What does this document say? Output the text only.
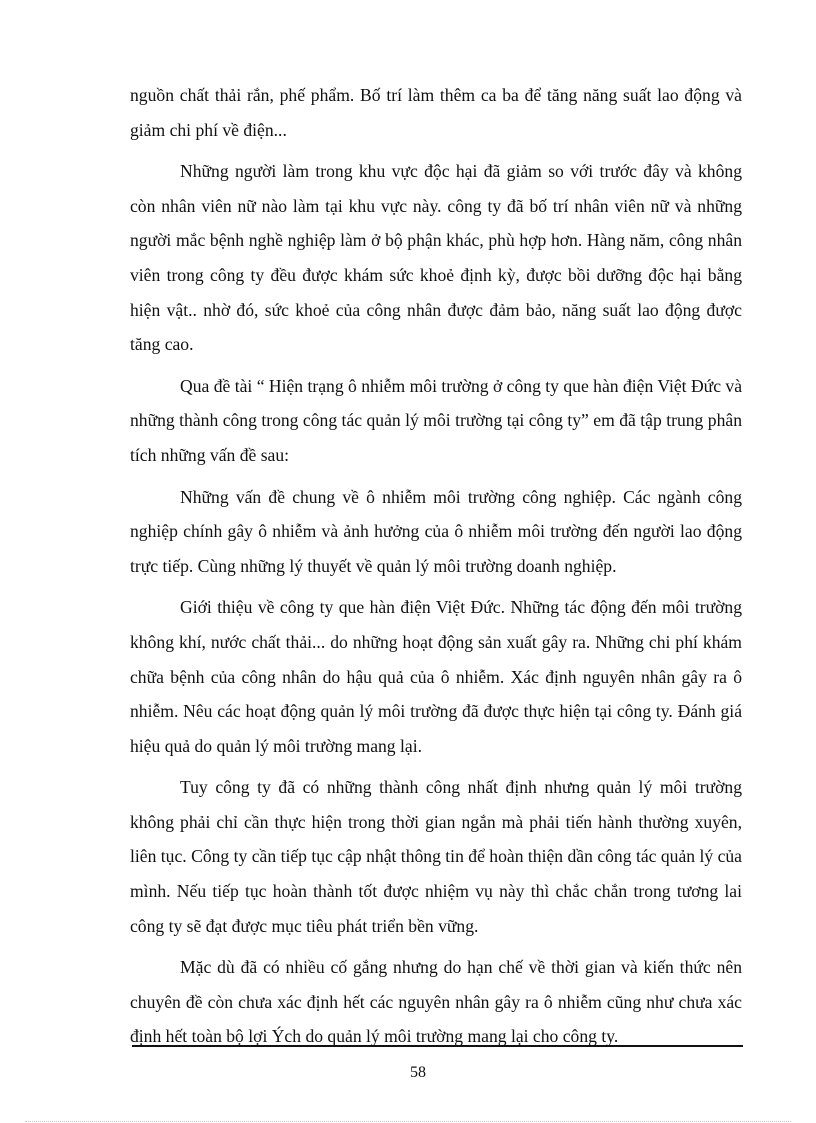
nguồn chất thải rắn, phế phẩm. Bố trí làm thêm ca ba để tăng năng suất lao động và giảm chi phí về điện...

Những người làm trong khu vực độc hại đã giảm so với trước đây và không còn nhân viên nữ nào làm tại khu vực này. công ty đã bố trí nhân viên nữ và những người mắc bệnh nghề nghiệp làm ở bộ phận khác, phù hợp hơn. Hàng năm, công nhân viên trong công ty đều được khám sức khoẻ định kỳ, được bồi dưỡng độc hại bằng hiện vật.. nhờ đó, sức khoẻ của công nhân được đảm bảo, năng suất lao động được tăng cao.

Qua đề tài “ Hiện trạng ô nhiễm môi trường ở công ty que hàn điện Việt Đức và những thành công trong công tác quản lý môi trường tại công ty” em đã tập trung phân tích những vấn đề sau:

Những vấn đề chung về ô nhiễm môi trường công nghiệp. Các ngành công nghiệp chính gây ô nhiễm và ảnh hưởng của ô nhiễm môi trường đến người lao động trực tiếp. Cùng những lý thuyết về quản lý môi trường doanh nghiệp.

Giới thiệu về công ty que hàn điện Việt Đức. Những tác động đến môi trường không khí, nước chất thải... do những hoạt động sản xuất gây ra. Những chi phí khám chữa bệnh của công nhân do hậu quả của ô nhiễm. Xác định nguyên nhân gây ra ô nhiễm. Nêu các hoạt động quản lý môi trường đã được thực hiện tại công ty. Đánh giá hiệu quả do quản lý môi trường mang lại.

Tuy công ty đã có những thành công nhất định nhưng quản lý môi trường không phải chỉ cần thực hiện trong thời gian ngắn mà phải tiến hành thường xuyên, liên tục. Công ty cần tiếp tục cập nhật thông tin để hoàn thiện dần công tác quản lý của mình. Nếu tiếp tục hoàn thành tốt được nhiệm vụ này thì chắc chắn trong tương lai công ty sẽ đạt được mục tiêu phát triển bền vững.

Mặc dù đã có nhiều cố gắng nhưng do hạn chế về thời gian và kiến thức nên chuyên đề còn chưa xác định hết các nguyên nhân gây ra ô nhiễm cũng như chưa xác định hết toàn bộ lợi Ých do quản lý môi trường mang lại cho công ty.

58
